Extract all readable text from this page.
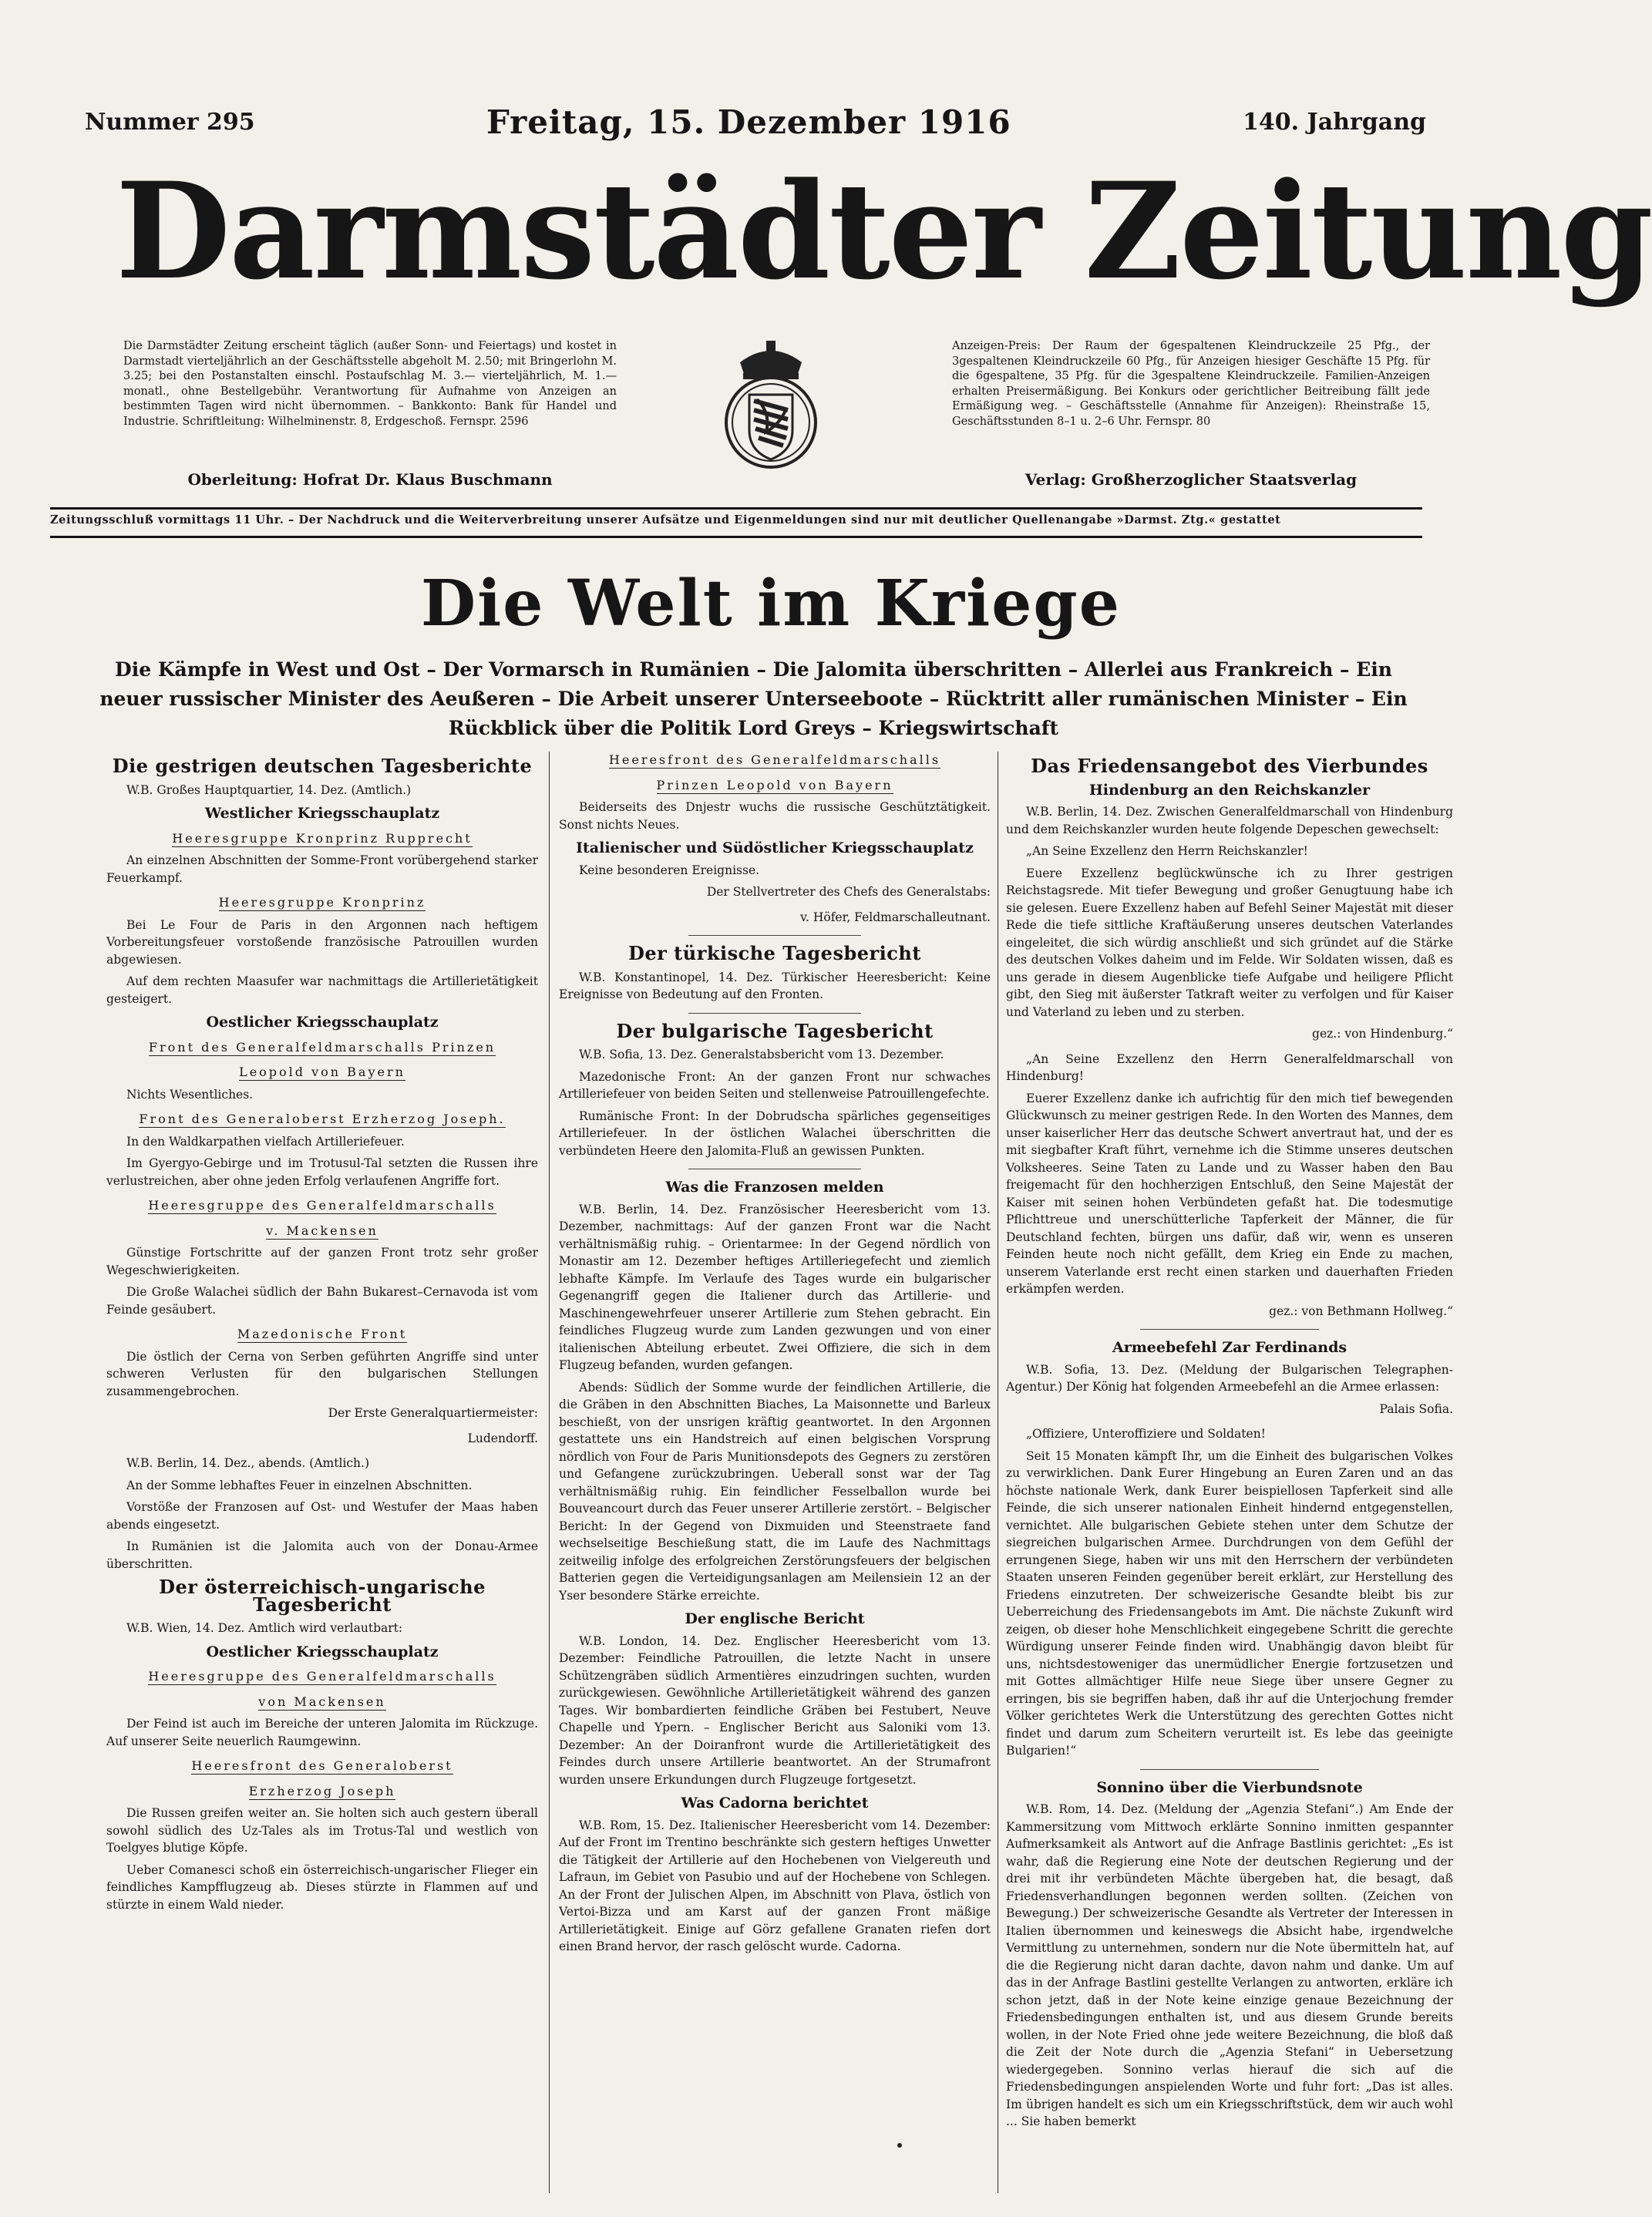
Nummer 295	Freitag, 15. Dezember 1916	140. Jahrgang
Darmstädter Zeitung
Die Darmstädter Zeitung erscheint täglich (außer Sonn- und Feiertags) und kostet in Darmstadt vierteljährlich an der Geschäftsstelle abgeholt M. 2.50; mit Bringerlohn M. 3.25; bei den Postanstalten einschl. Postaufschlag M. 3.— vierteljährlich, M. 1.— monatl., ohne Bestellgebühr. Verantwortung für Aufnahme von Anzeigen an bestimmten Tagen wird nicht übernommen. – Bankkonto: Bank für Handel und Industrie. Schriftleitung: Wilhelminenstr. 8, Erdgeschoß. Fernspr. 2596
Anzeigen-Preis: Der Raum der 6gespaltenen Kleindruckzeile 25 Pfg., der 3gespaltenen Kleindruckzeile 60 Pfg., für Anzeigen hiesiger Geschäfte 15 Pfg. für die 6gespaltene, 35 Pfg. für die 3gespaltene Kleindruckzeile. Familien-Anzeigen erhalten Preisermäßigung. Bei Konkurs oder gerichtlicher Beitreibung fällt jede Ermäßigung weg. – Geschäftsstelle (Annahme für Anzeigen): Rheinstraße 15, Geschäftsstunden 8–1 u. 2–6 Uhr. Fernspr. 80
Oberleitung: Hofrat Dr. Klaus Buschmann	Verlag: Großherzoglicher Staatsverlag
Zeitungsschluß vormittags 11 Uhr. – Der Nachdruck und die Weiterverbreitung unserer Aufsätze und Eigenmeldungen sind nur mit deutlicher Quellenangabe »Darmst. Ztg.« gestattet
Die Welt im Kriege
Die Kämpfe in West und Ost – Der Vormarsch in Rumänien – Die Jalomita überschritten – Allerlei aus Frankreich – Ein neuer russischer Minister des Aeußeren – Die Arbeit unserer Unterseeboote – Rücktritt aller rumänischen Minister – Ein Rückblick über die Politik Lord Greys – Kriegswirtschaft
Die gestrigen deutschen Tagesberichte
W.B. Großes Hauptquartier, 14. Dez. (Amtlich.)
Westlicher Kriegsschauplatz
Heeresgruppe Kronprinz Rupprecht
An einzelnen Abschnitten der Somme-Front vorübergehend starker Feuerkampf.
Heeresgruppe Kronprinz
Bei Le Four de Paris in den Argonnen nach heftigem Vorbereitungsfeuer vorstoßende französische Patrouillen wurden abgewiesen.
Auf dem rechten Maasufer war nachmittags die Artillerietätigkeit gesteigert.
Oestlicher Kriegsschauplatz
Front des Generalfeldmarschalls Prinzen
Leopold von Bayern
Nichts Wesentliches.
Front des Generaloberst Erzherzog Joseph.
In den Waldkarpathen vielfach Artilleriefeuer.
Im Gyergyo-Gebirge und im Trotusul-Tal setzten die Russen ihre verlustreichen, aber ohne jeden Erfolg verlaufenen Angriffe fort.
Heeresgruppe des Generalfeldmarschalls
v. Mackensen
Günstige Fortschritte auf der ganzen Front trotz sehr großer Wegeschwierigkeiten.
Die Große Walachei südlich der Bahn Bukarest–Cernavoda ist vom Feinde gesäubert.
Mazedonische Front
Die östlich der Cerna von Serben geführten Angriffe sind unter schweren Verlusten für den bulgarischen Stellungen zusammengebrochen.
Der Erste Generalquartiermeister:
Ludendorff.
W.B. Berlin, 14. Dez., abends. (Amtlich.)
An der Somme lebhaftes Feuer in einzelnen Abschnitten.
Vorstöße der Franzosen auf Ost- und Westufer der Maas haben abends eingesetzt.
In Rumänien ist die Jalomita auch von der Donau-Armee überschritten.
Der österreichisch-ungarische Tagesbericht
W.B. Wien, 14. Dez. Amtlich wird verlautbart:
Oestlicher Kriegsschauplatz
Heeresgruppe des Generalfeldmarschalls
von Mackensen
Der Feind ist auch im Bereiche der unteren Jalomita im Rückzuge. Auf unserer Seite neuerlich Raumgewinn.
Heeresfront des Generaloberst
Erzherzog Joseph
Die Russen greifen weiter an. Sie holten sich auch gestern überall sowohl südlich des Uz-Tales als im Trotus-Tal und westlich von Toelgyes blutige Köpfe.
Ueber Comanesci schoß ein österreichisch-ungarischer Flieger ein feindliches Kampfflugzeug ab. Dieses stürzte in Flammen auf und stürzte in einem Wald nieder.
Heeresfront des Generalfeldmarschalls
Prinzen Leopold von Bayern
Beiderseits des Dnjestr wuchs die russische Geschütztätigkeit. Sonst nichts Neues.
Italienischer und Südöstlicher Kriegsschauplatz
Keine besonderen Ereignisse.
Der Stellvertreter des Chefs des Generalstabs:
v. Höfer, Feldmarschalleutnant.
Der türkische Tagesbericht
W.B. Konstantinopel, 14. Dez. Türkischer Heeresbericht: Keine Ereignisse von Bedeutung auf den Fronten.
Der bulgarische Tagesbericht
W.B. Sofia, 13. Dez. Generalstabsbericht vom 13. Dezember.
Mazedonische Front: An der ganzen Front nur schwaches Artilleriefeuer von beiden Seiten und stellenweise Patrouillengefechte.
Rumänische Front: In der Dobrudscha spärliches gegenseitiges Artilleriefeuer. In der östlichen Walachei überschritten die verbündeten Heere den Jalomita-Fluß an gewissen Punkten.
Was die Franzosen melden
W.B. Berlin, 14. Dez. Französischer Heeresbericht vom 13. Dezember, nachmittags: Auf der ganzen Front war die Nacht verhältnismäßig ruhig. – Orientarmee: In der Gegend nördlich von Monastir am 12. Dezember heftiges Artilleriegefecht und ziemlich lebhafte Kämpfe. Im Verlaufe des Tages wurde ein bulgarischer Gegenangriff gegen die Italiener durch das Artillerie- und Maschinengewehrfeuer unserer Artillerie zum Stehen gebracht. Ein feindliches Flugzeug wurde zum Landen gezwungen und von einer italienischen Abteilung erbeutet. Zwei Offiziere, die sich in dem Flugzeug befanden, wurden gefangen.
Abends: Südlich der Somme wurde der feindlichen Artillerie, die die Gräben in den Abschnitten Biaches, La Maisonnette und Barleux beschießt, von der unsrigen kräftig geantwortet. In den Argonnen gestattete uns ein Handstreich auf einen belgischen Vorsprung nördlich von Four de Paris Munitionsdepots des Gegners zu zerstören und Gefangene zurückzubringen. Ueberall sonst war der Tag verhältnismäßig ruhig. Ein feindlicher Fesselballon wurde bei Bouveancourt durch das Feuer unserer Artillerie zerstört. – Belgischer Bericht: In der Gegend von Dixmuiden und Steenstraete fand wechselseitige Beschießung statt, die im Laufe des Nachmittags zeitweilig infolge des erfolgreichen Zerstörungsfeuers der belgischen Batterien gegen die Verteidigungsanlagen am Meilensiein 12 an der Yser besondere Stärke erreichte.
Der englische Bericht
W.B. London, 14. Dez. Englischer Heeresbericht vom 13. Dezember: Feindliche Patrouillen, die letzte Nacht in unsere Schützengräben südlich Armentières einzudringen suchten, wurden zurückgewiesen. Gewöhnliche Artillerietätigkeit während des ganzen Tages. Wir bombardierten feindliche Gräben bei Festubert, Neuve Chapelle und Ypern. – Englischer Bericht aus Saloniki vom 13. Dezember: An der Doiranfront wurde die Artillerietätigkeit des Feindes durch unsere Artillerie beantwortet. An der Strumafront wurden unsere Erkundungen durch Flugzeuge fortgesetzt.
Was Cadorna berichtet
W.B. Rom, 15. Dez. Italienischer Heeresbericht vom 14. Dezember: Auf der Front im Trentino beschränkte sich gestern heftiges Unwetter die Tätigkeit der Artillerie auf den Hochebenen von Vielgereuth und Lafraun, im Gebiet von Pasubio und auf der Hochebene von Schlegen. An der Front der Julischen Alpen, im Abschnitt von Plava, östlich von Vertoi-Bizza und am Karst auf der ganzen Front mäßige Artillerietätigkeit. Einige auf Görz gefallene Granaten riefen dort einen Brand hervor, der rasch gelöscht wurde. Cadorna.
Das Friedensangebot des Vierbundes
Hindenburg an den Reichskanzler
W.B. Berlin, 14. Dez. Zwischen Generalfeldmarschall von Hindenburg und dem Reichskanzler wurden heute folgende Depeschen gewechselt:
„An Seine Exzellenz den Herrn Reichskanzler!
Euere Exzellenz beglückwünsche ich zu Ihrer gestrigen Reichstagsrede. Mit tiefer Bewegung und großer Genugtuung habe ich sie gelesen. Euere Exzellenz haben auf Befehl Seiner Majestät mit dieser Rede die tiefe sittliche Kraftäußerung unseres deutschen Vaterlandes eingeleitet, die sich würdig anschließt und sich gründet auf die Stärke des deutschen Volkes daheim und im Felde. Wir Soldaten wissen, daß es uns gerade in diesem Augenblicke tiefe Aufgabe und heiligere Pflicht gibt, den Sieg mit äußerster Tatkraft weiter zu verfolgen und für Kaiser und Vaterland zu leben und zu sterben.
gez.: von Hindenburg.“
„An Seine Exzellenz den Herrn Generalfeldmarschall von Hindenburg!
Euerer Exzellenz danke ich aufrichtig für den mich tief bewegenden Glückwunsch zu meiner gestrigen Rede. In den Worten des Mannes, dem unser kaiserlicher Herr das deutsche Schwert anvertraut hat, und der es mit siegbafter Kraft führt, vernehme ich die Stimme unseres deutschen Volksheeres. Seine Taten zu Lande und zu Wasser haben den Bau freigemacht für den hochherzigen Entschluß, den Seine Majestät der Kaiser mit seinen hohen Verbündeten gefaßt hat. Die todesmutige Pflichttreue und unerschütterliche Tapferkeit der Männer, die für Deutschland fechten, bürgen uns dafür, daß wir, wenn es unseren Feinden heute noch nicht gefällt, dem Krieg ein Ende zu machen, unserem Vaterlande erst recht einen starken und dauerhaften Frieden erkämpfen werden.
gez.: von Bethmann Hollweg.“
Armeebefehl Zar Ferdinands
W.B. Sofia, 13. Dez. (Meldung der Bulgarischen Telegraphen-Agentur.) Der König hat folgenden Armeebefehl an die Armee erlassen:
Palais Sofia.
„Offiziere, Unteroffiziere und Soldaten!
Seit 15 Monaten kämpft Ihr, um die Einheit des bulgarischen Volkes zu verwirklichen. Dank Eurer Hingebung an Euren Zaren und an das höchste nationale Werk, dank Eurer beispiellosen Tapferkeit sind alle Feinde, die sich unserer nationalen Einheit hindernd entgegenstellen, vernichtet. Alle bulgarischen Gebiete stehen unter dem Schutze der siegreichen bulgarischen Armee. Durchdrungen von dem Gefühl der errungenen Siege, haben wir uns mit den Herrschern der verbündeten Staaten unseren Feinden gegenüber bereit erklärt, zur Herstellung des Friedens einzutreten. Der schweizerische Gesandte bleibt bis zur Ueberreichung des Friedensangebots im Amt. Die nächste Zukunft wird zeigen, ob dieser hohe Menschlichkeit eingegebene Schritt die gerechte Würdigung unserer Feinde finden wird. Unabhängig davon bleibt für uns, nichtsdestoweniger das unermüdlicher Energie fortzusetzen und mit Gottes allmächtiger Hilfe neue Siege über unsere Gegner zu erringen, bis sie begriffen haben, daß ihr auf die Unterjochung fremder Völker gerichtetes Werk die Unterstützung des gerechten Gottes nicht findet und darum zum Scheitern verurteilt ist. Es lebe das geeinigte Bulgarien!“
Sonnino über die Vierbundsnote
W.B. Rom, 14. Dez. (Meldung der „Agenzia Stefani“.) Am Ende der Kammersitzung vom Mittwoch erklärte Sonnino inmitten gespannter Aufmerksamkeit als Antwort auf die Anfrage Bastlinis gerichtet: „Es ist wahr, daß die Regierung eine Note der deutschen Regierung und der drei mit ihr verbündeten Mächte übergeben hat, die besagt, daß Friedensverhandlungen begonnen werden sollten. (Zeichen von Bewegung.) Der schweizerische Gesandte als Vertreter der Interessen in Italien übernommen und keineswegs die Absicht habe, irgendwelche Vermittlung zu unternehmen, sondern nur die Note übermitteln hat, auf die die Regierung nicht daran dachte, davon nahm und danke. Um auf das in der Anfrage Bastlini gestellte Verlangen zu antworten, erkläre ich schon jetzt, daß in der Note keine einzige genaue Bezeichnung der Friedensbedingungen enthalten ist, und aus diesem Grunde bereits wollen, in der Note Fried ohne jede weitere Bezeichnung, die bloß daß die Zeit der Note durch die „Agenzia Stefani“ in Uebersetzung wiedergegeben. Sonnino verlas hierauf die sich auf die Friedensbedingungen anspielenden Worte und fuhr fort: „Das ist alles. Im übrigen handelt es sich um ein Kriegsschriftstück, dem wir auch wohl ... Sie haben bemerkt
